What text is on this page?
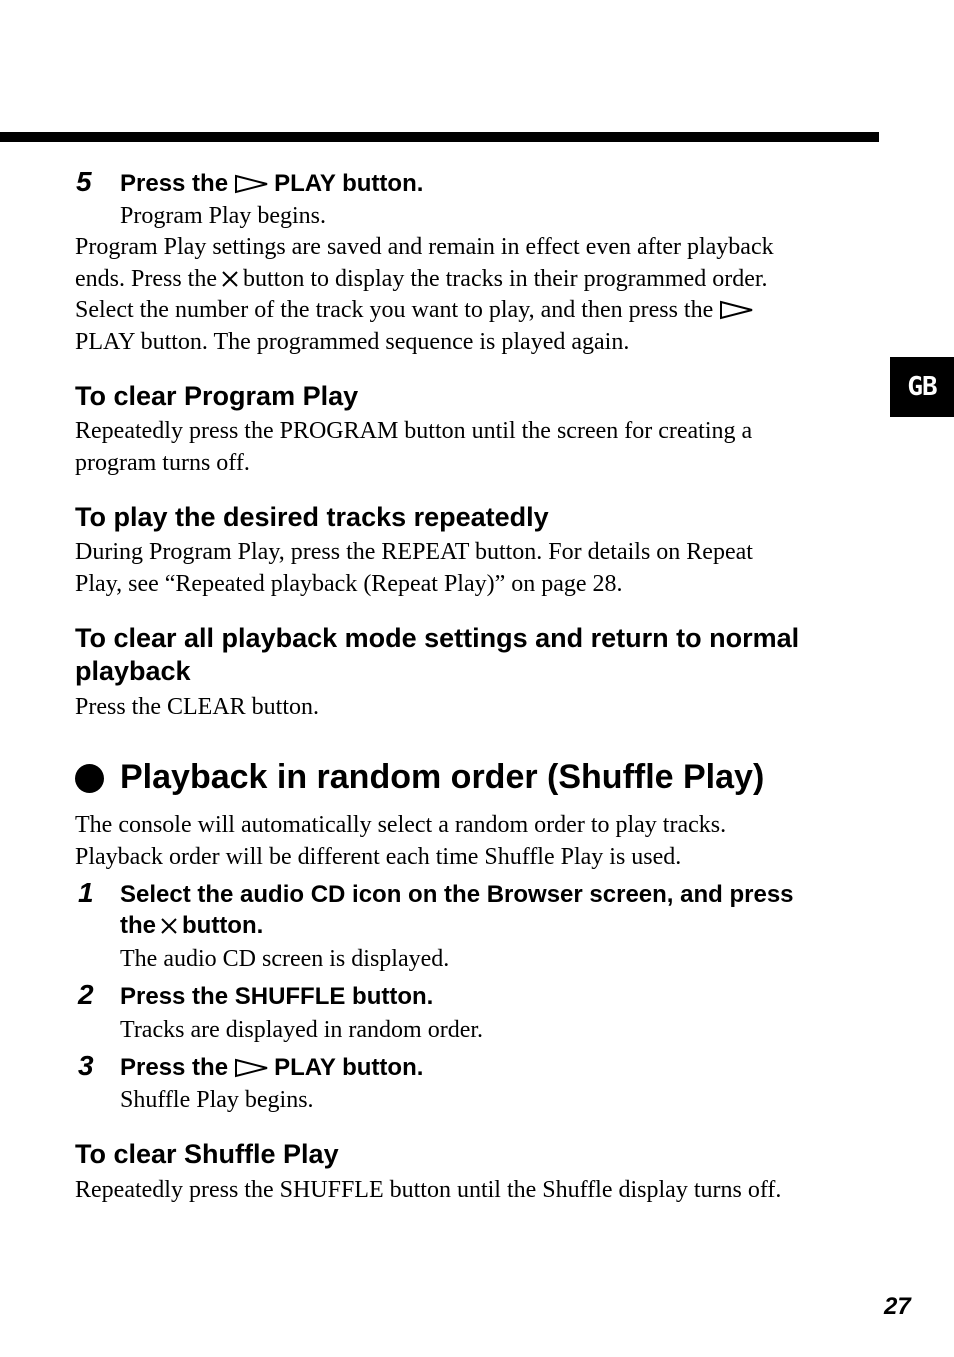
GB
5 Press the PLAY button.
Program Play begins.
Program Play settings are saved and remain in effect even after playback
ends. Press the button to display the tracks in their programmed order.
Select the number of the track you want to play, and then press the
PLAY button. The programmed sequence is played again.
To clear Program Play
Repeatedly press the PROGRAM button until the screen for creating a
program turns off.
To play the desired tracks repeatedly
During Program Play, press the REPEAT button. For details on Repeat
Play, see “Repeated playback (Repeat Play)” on page 28.
To clear all playback mode settings and return to normal
playback
Press the CLEAR button.
Playback in random order (Shuffle Play)
The console will automatically select a random order to play tracks.
Playback order will be different each time Shuffle Play is used.
1 Select the audio CD icon on the Browser screen, and press
the button.
The audio CD screen is displayed.
2 Press the SHUFFLE button.
Tracks are displayed in random order.
3 Press the PLAY button.
Shuffle Play begins.
To clear Shuffle Play
Repeatedly press the SHUFFLE button until the Shuffle display turns off.
27
